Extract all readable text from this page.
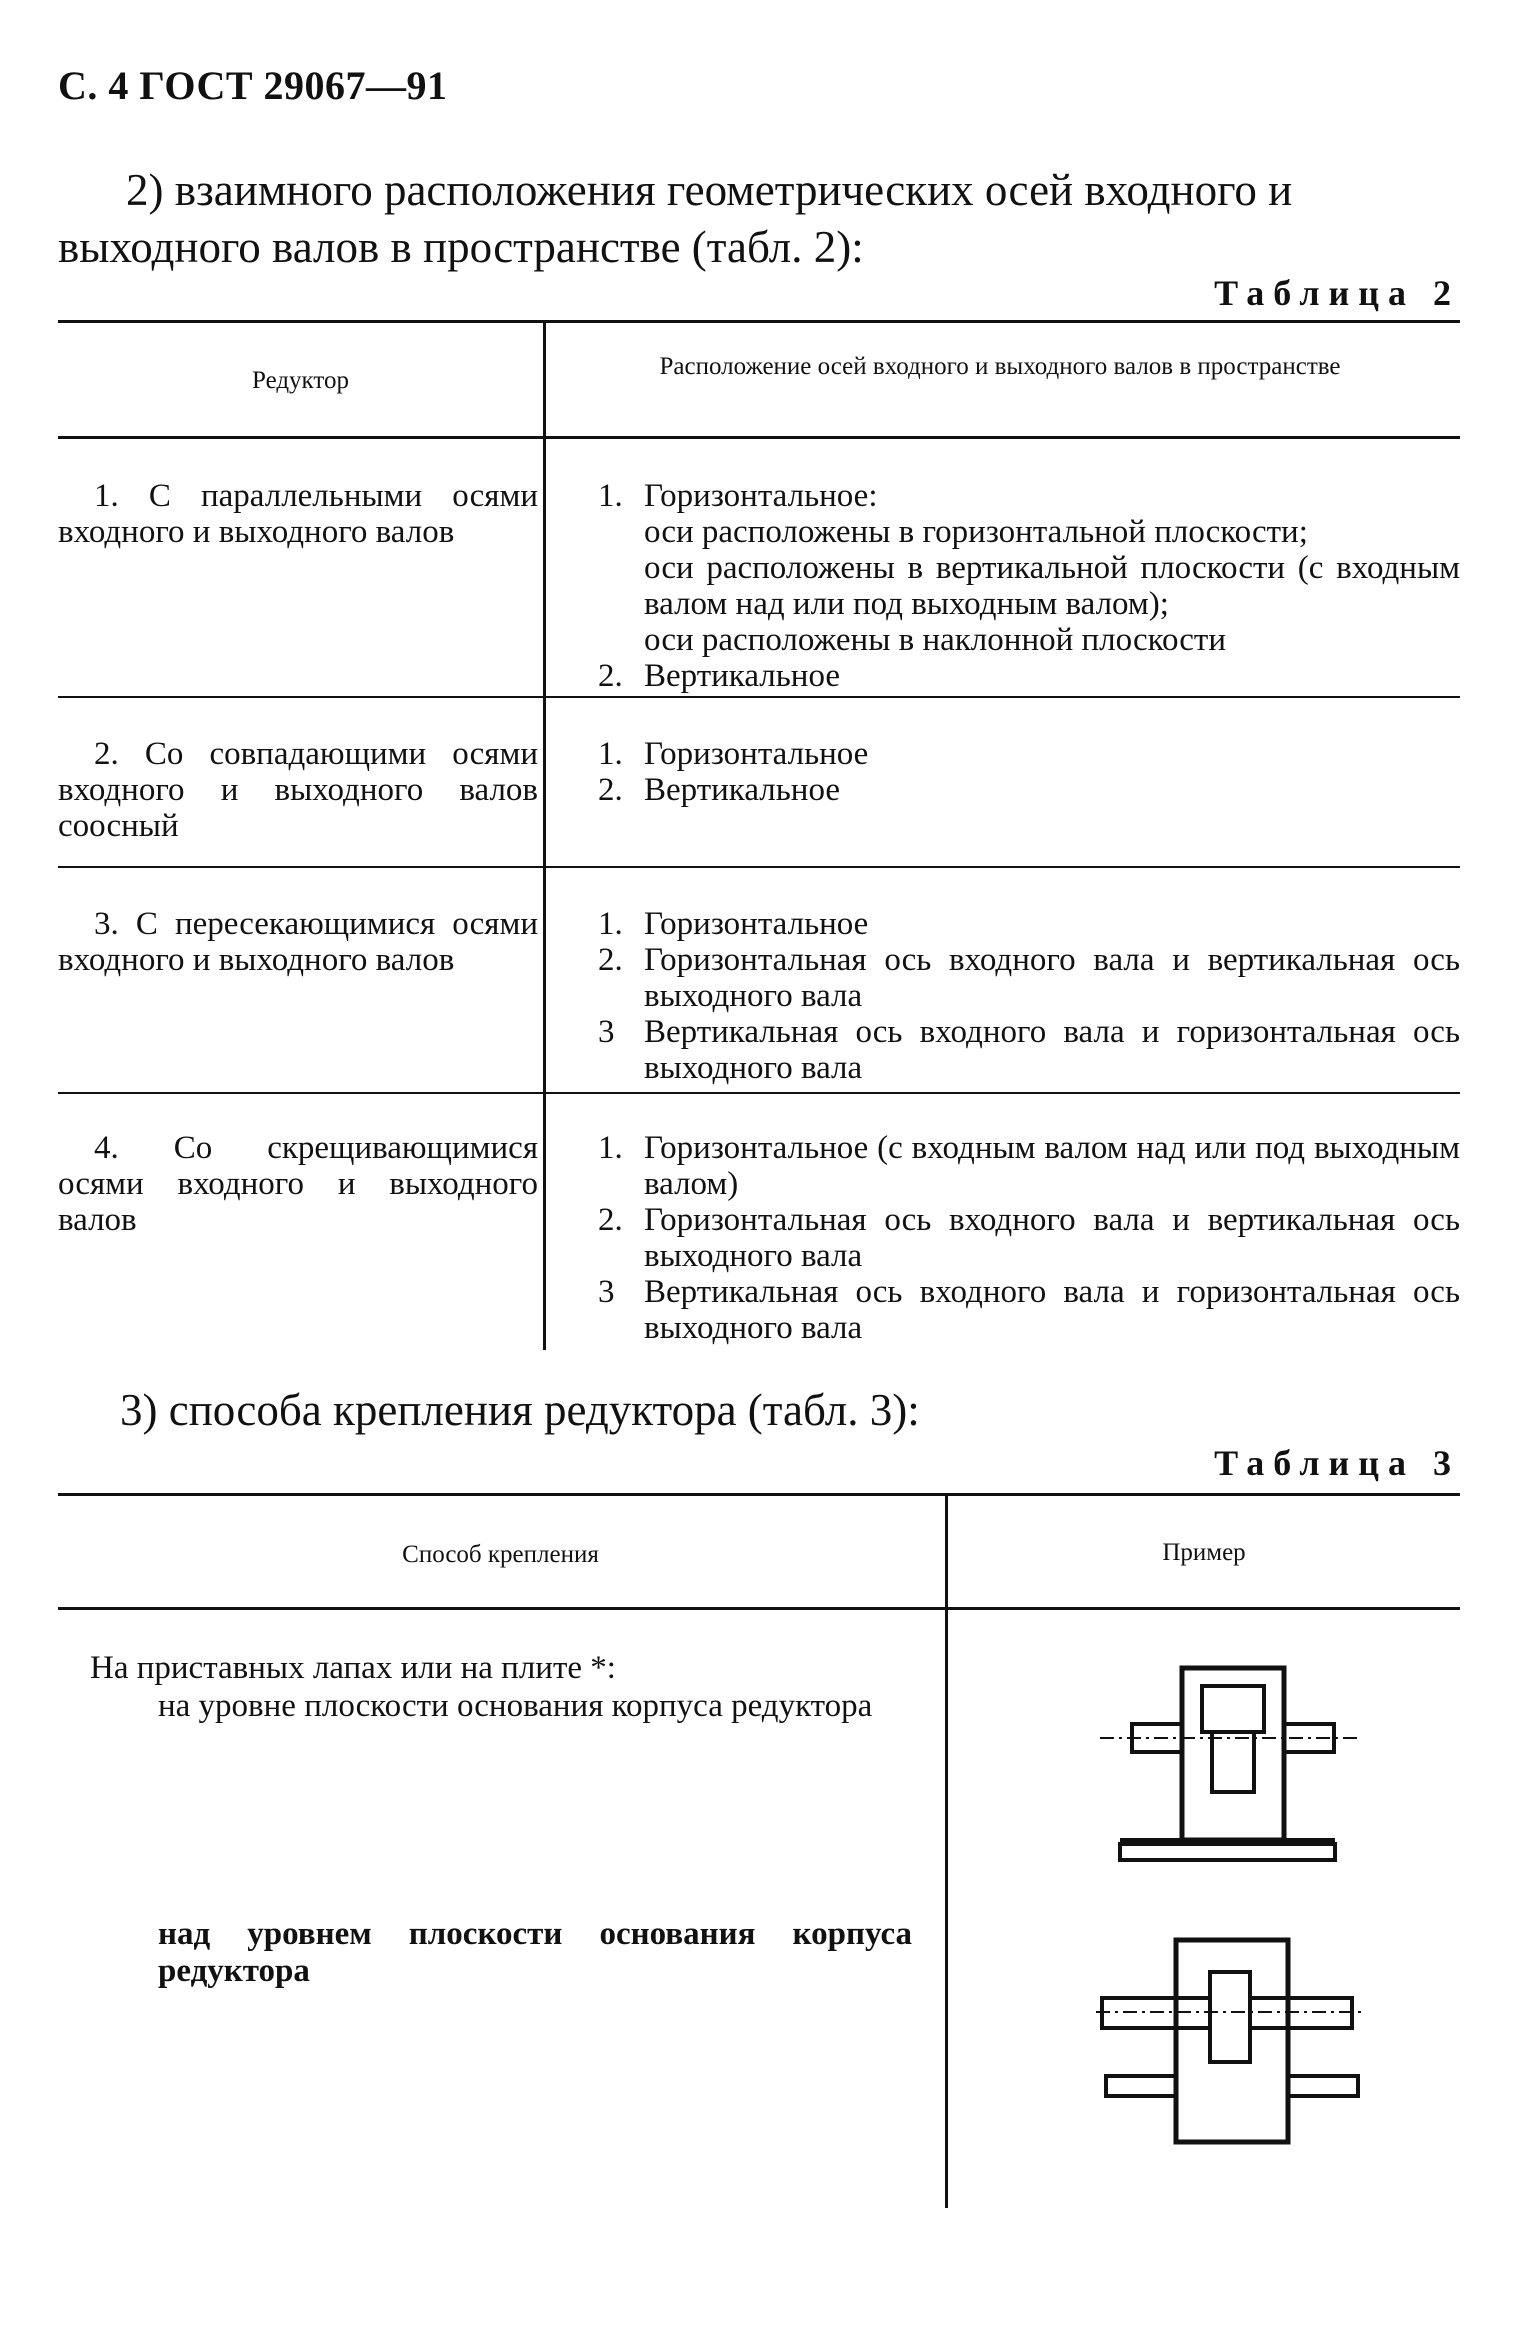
С. 4 ГОСТ 29067—91
2) взаимного расположения геометрических осей входного и выходного валов в пространстве (табл. 2):
Таблица 2
Редуктор
Расположение осей входного и выходного валов в пространстве
1. С параллельными осями входного и выходного валов
1. Горизонтальное:
оси расположены в горизонтальной плоскости;
оси расположены в вертикальной плоскости (с входным валом над или под выходным валом);
оси расположены в наклонной плоскости
2. Вертикальное
2. Со совпадающими осями входного и выходного валов соосный
1. Горизонтальное
2. Вертикальное
3. С пересекающимися осями входного и выходного валов
1. Горизонтальное
2. Горизонтальная ось входного вала и вертикальная ось выходного вала
3 Вертикальная ось входного вала и горизонтальная ось выходного вала
4. Со скрещивающимися осями входного и выходного валов
1. Горизонтальное (с входным валом над или под выходным валом)
2. Горизонтальная ось входного вала и вертикальная ось выходного вала
3 Вертикальная ось входного вала и горизонтальная ось выходного вала
3) способа крепления редуктора (табл. 3):
Таблица 3
Способ крепления	Пример
На приставных лапах или на плите *:
на уровне плоскости основания корпуса редуктора
над уровнем плоскости основания корпуса редуктора
